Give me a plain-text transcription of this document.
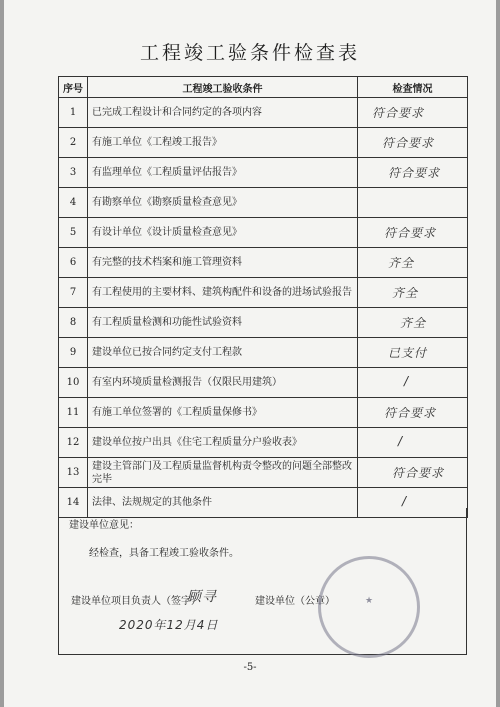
工程竣工验条件检查表
序号	工程竣工验收条件	检查情况
1	已完成工程设计和合同约定的各项内容	符合要求

2	有施工单位《工程竣工报告》	符合要求

3	有监理单位《工程质量评估报告》	符合要求

4	有勘察单位《勘察质量检查意见》	

5	有设计单位《设计质量检查意见》	符合要求

6	有完整的技术档案和施工管理资料	齐全

7	有工程使用的主要材料、建筑构配件和设备的进场试验报告	齐全

8	有工程质量检测和功能性试验资料	齐全

9	建设单位已按合同约定支付工程款	已支付

10	有室内环境质量检测报告（仅限民用建筑）	/

11	有施工单位签署的《工程质量保修书》	符合要求

12	建设单位按户出具《住宅工程质量分户验收表》	/

13	建设主管部门及工程质量监督机构责令整改的问题全部整改完毕	符合要求

14	法律、法规规定的其他条件	/
建设单位意见：
经检查，具备工程竣工验收条件。
建设单位项目负责人（签字）
顾寻	建设单位（公章）
2020年12月4日
★
-5-
